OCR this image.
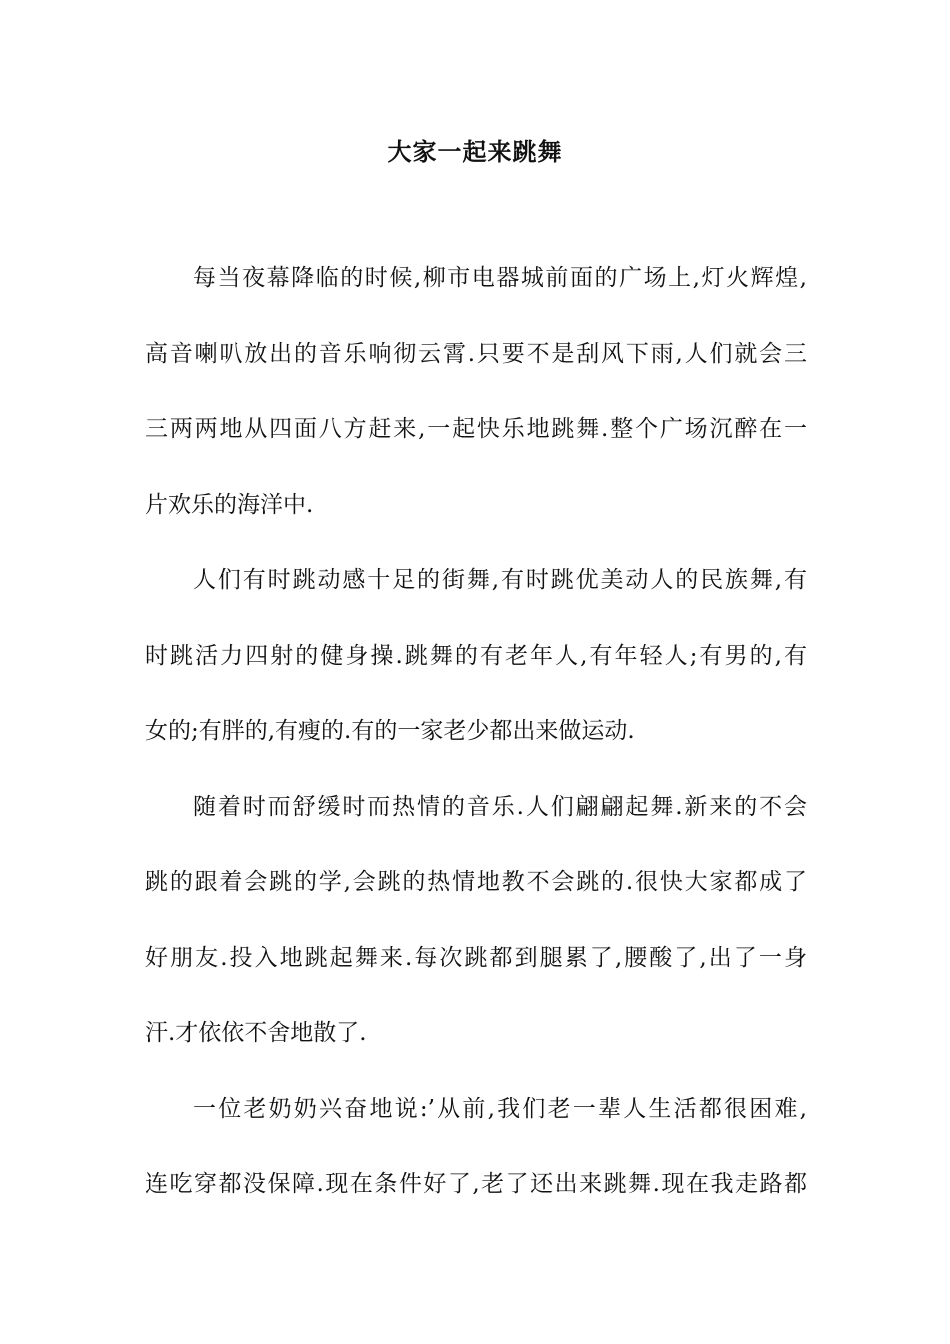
大家一起来跳舞
每当夜幕降临的时候,柳市电器城前面的广场上,灯火辉煌,
高音喇叭放出的音乐响彻云霄.只要不是刮风下雨,人们就会三
三两两地从四面八方赶来,一起快乐地跳舞.整个广场沉醉在一
片欢乐的海洋中.
人们有时跳动感十足的街舞,有时跳优美动人的民族舞,有
时跳活力四射的健身操.跳舞的有老年人,有年轻人;有男的,有
女的;有胖的,有瘦的.有的一家老少都出来做运动.
随着时而舒缓时而热情的音乐.人们翩翩起舞.新来的不会
跳的跟着会跳的学,会跳的热情地教不会跳的.很快大家都成了
好朋友.投入地跳起舞来.每次跳都到腿累了,腰酸了,出了一身
汗.才依依不舍地散了.
一位老奶奶兴奋地说:’从前,我们老一辈人生活都很困难,
连吃穿都没保障.现在条件好了,老了还出来跳舞.现在我走路都
